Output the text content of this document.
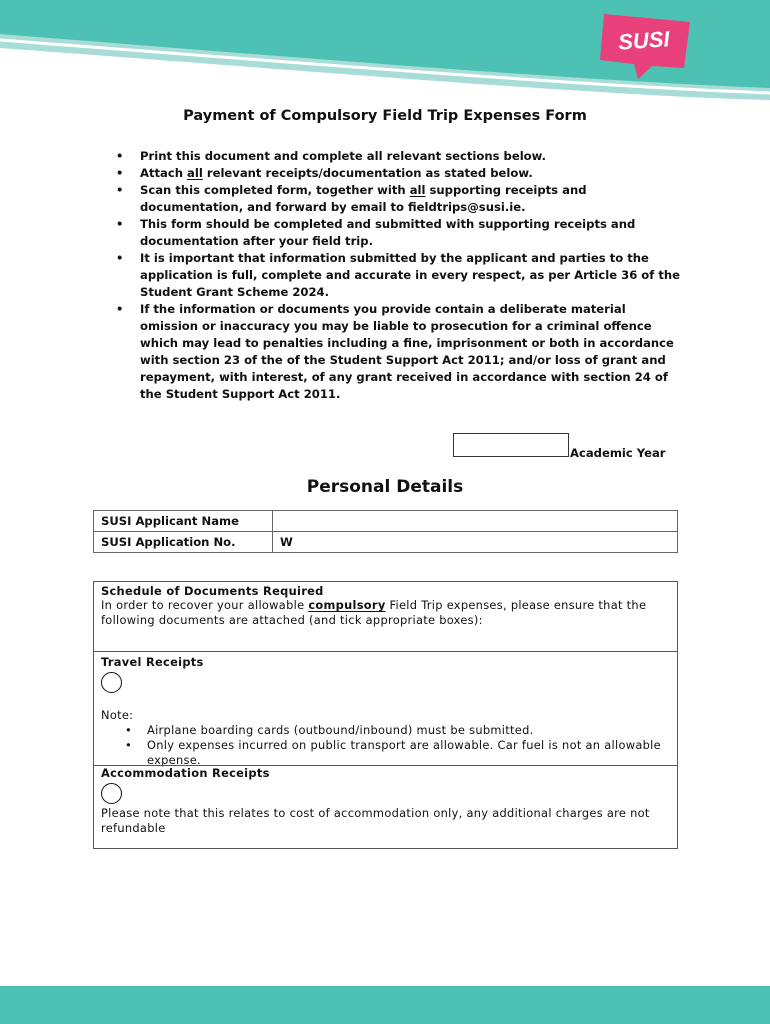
SUSI
Payment of Compulsory Field Trip Expenses Form
• Print this document and complete all relevant sections below.
• Attach all relevant receipts/documentation as stated below.
• Scan this completed form, together with all supporting receipts and documentation, and forward by email to fieldtrips@susi.ie.
• This form should be completed and submitted with supporting receipts and documentation after your field trip.
• It is important that information submitted by the applicant and parties to the application is full, complete and accurate in every respect, as per Article 36 of the Student Grant Scheme 2024.
• If the information or documents you provide contain a deliberate material omission or inaccuracy you may be liable to prosecution for a criminal offence which may lead to penalties including a fine, imprisonment or both in accordance with section 23 of the of the Student Support Act 2011; and/or loss of grant and repayment, with interest, of any grant received in accordance with section 24 of the Student Support Act 2011.
Academic Year
Personal Details
SUSI Applicant Name	
SUSI Application No.	W
Schedule of Documents Required
In order to recover your allowable compulsory Field Trip expenses, please ensure that the following documents are attached (and tick appropriate boxes):
Travel Receipts
Note:
• Airplane boarding cards (outbound/inbound) must be submitted.
• Only expenses incurred on public transport are allowable. Car fuel is not an allowable expense.
Accommodation Receipts
Please note that this relates to cost of accommodation only, any additional charges are not
refundable
